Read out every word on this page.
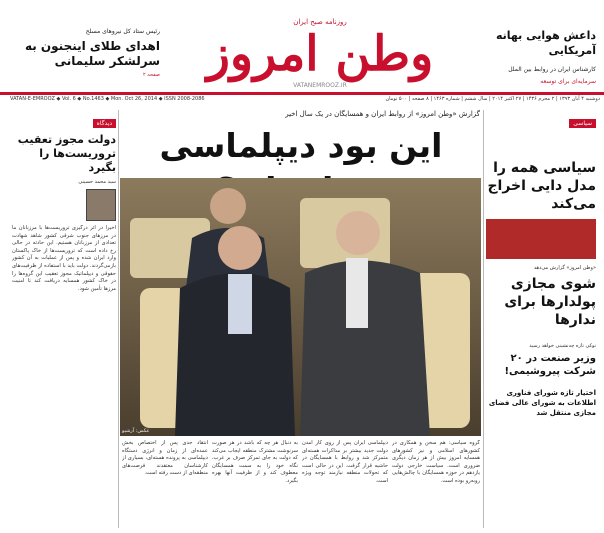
روزنامه صبح ایران
وطن امروز
VATANEMROOZ.IR
داعش هوایی بهانه آمریکایی
کارشناس ایران در روابط بین الملل
سرمایه‌ای برای توسعه
رئیس ستاد کل نیروهای مسلح
اهدای طلای اینجنون به سرلشکر سلیمانی
صفحه ۲
VATAN-E-EMROOZ ◆ Vol. 6 ◆ No.1463 ◆ Mon. Oct 26, 2014 ◆ ISSN 2008-2086	دوشنبه ۴ آبان ۱۳۹۳ | ۲ محرم ۱۴۳۶ | ۲۷ اکتبر ۲۰۱۴ | سال ششم | شماره ۱۴۶۳ | ۸ صفحه | ۵۰۰ تومان
دیدگاه
دولت مجوز تعقیب تروریست‌ها را بگیرد
سید محمد حسینی
اخیراً در اثر درگیری تروریست‌ها با مرزبانان ما در مرزهای جنوب شرقی کشور شاهد شهادت تعدادی از مرزبانان هستیم. این حادثه در حالی رخ داده است که تروریست‌ها از خاک پاکستان وارد ایران شده و پس از عملیات به آن کشور بازمی‌گردند. دولت باید با استفاده از ظرفیت‌های حقوقی و دیپلماتیک مجوز تعقیب این گروه‌ها را در خاک کشور همسایه دریافت کند تا امنیت مرزها تأمین شود.
گزارش «وطن امروز» از روابط ایران و همسایگان در یک سال اخیر
این بود دیپلماسی
عکس: آرشیو
سیاسی
سیاسی همه را مدل دایی اخراج می‌کند
«وطن امروز» گزارش می‌دهد
شوی مجازی پولدارها برای ندارها
نوکی تازه چه‌نشینی خواهد رسید
وزیر صنعت در ۲۰ شرکت پیروشیمی!
اختیار تازه شورای فناوری اطلاعات به شورای عالی فضای مجازی منتقل شد
گروه سیاسی: هم سخن و همکاری در کشورهای اسلامی و نیز کشورهای همسایه امروز بیش از هر زمان دیگری ضروری است. سیاست خارجی دولت یازدهم در حوزه همسایگان با چالش‌هایی روبه‌رو بوده است.
دیپلماسی ایران پس از روی کار آمدن دولت جدید بیشتر بر مذاکرات هسته‌ای متمرکز شد و روابط با همسایگان در حاشیه قرار گرفت. این در حالی است که تحولات منطقه نیازمند توجه ویژه است.
به دنبال هر چه که باشد در هر صورت سرنوشت مشترک منطقه ایجاب می‌کند که دولت به جای تمرکز صرف بر غرب، نگاه خود را به سمت همسایگان معطوف کند و از ظرفیت آنها بهره بگیرد.
انتقاد جدی پس از اختصاص بخش عمده‌ای از زمان و انرژی دستگاه دیپلماسی به پرونده هسته‌ای، بسیاری از کارشناسان معتقدند فرصت‌های منطقه‌ای از دست رفته است.
